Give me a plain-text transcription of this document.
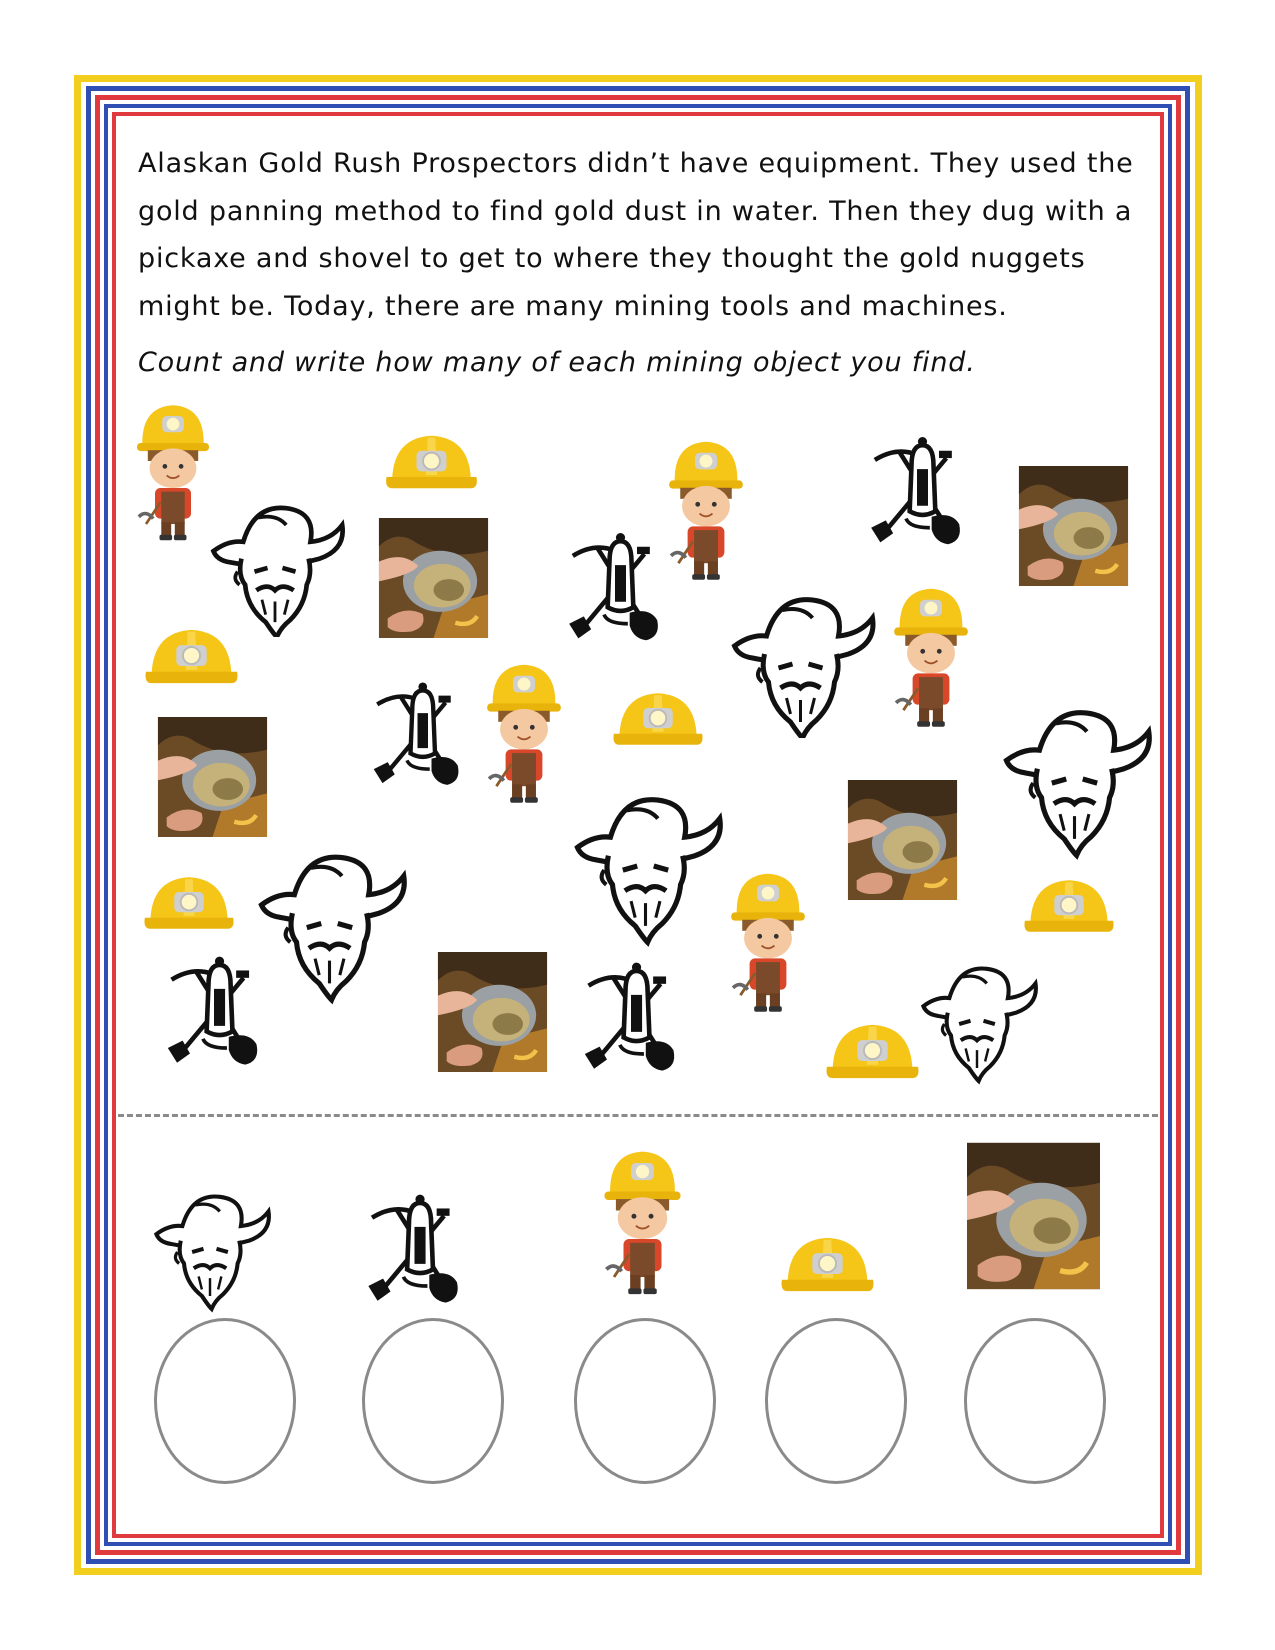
Alaskan Gold Rush Prospectors didn’t have equipment. They used the gold panning method to find gold dust in water. Then they dug with a pickaxe and shovel to get to where they thought the gold nuggets might be. Today, there are many mining tools and machines.

Count and write how many of each mining object you find.
